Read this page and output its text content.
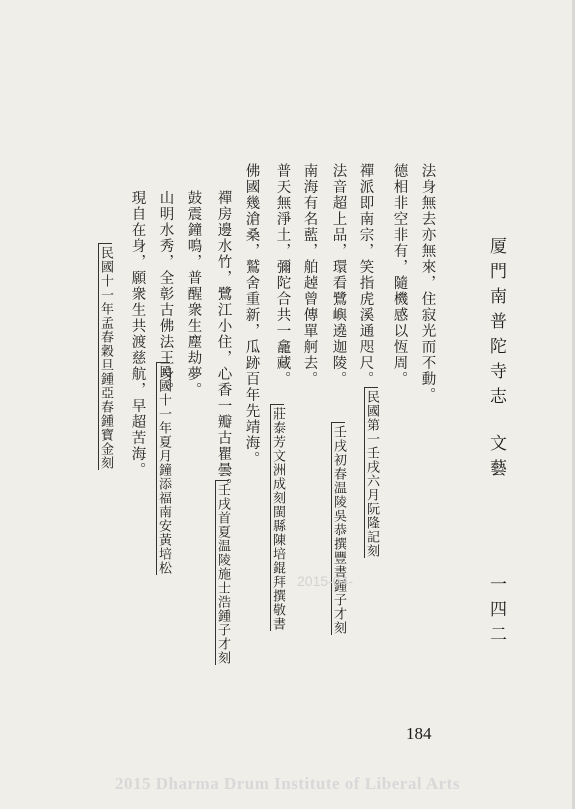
厦門南普陀寺志
文藝
一四二
法身無去亦無來，住寂光而不動。
德相非空非有，隨機感以恆周。
民國第一壬戌六月阮隆記刻
禪派即南宗，笑指虎溪通咫尺。
法音超上品，環看鷺嶼遶迦陵。
壬戌初春温陵吳恭撰豐書鍾子才刻
南海有名藍，舶趠曾傳單舸去。
普天無淨土，彌陀合共一龕藏。
莊泰芳文洲成刻閩縣陳培錕拜撰敬書
佛國幾滄桑，鷲舍重新，瓜跡百年先靖海。
禪房邊水竹，鷺江小住，心香一瓣古瞿曇。
壬戌首夏温陵施士浩鍾子才刻
鼓震鐘鳴，普醒衆生塵劫夢。
山明水秀，全彰古佛法王身。
民國十一年夏月鐘添福南安黃培松
現自在身，願衆生共渡慈航，早超苦海。
民國十一年孟春穀旦鍾亞春鍾寶金刻
184
2015-04-
2015 Dharma Drum Institute of Liberal Arts
